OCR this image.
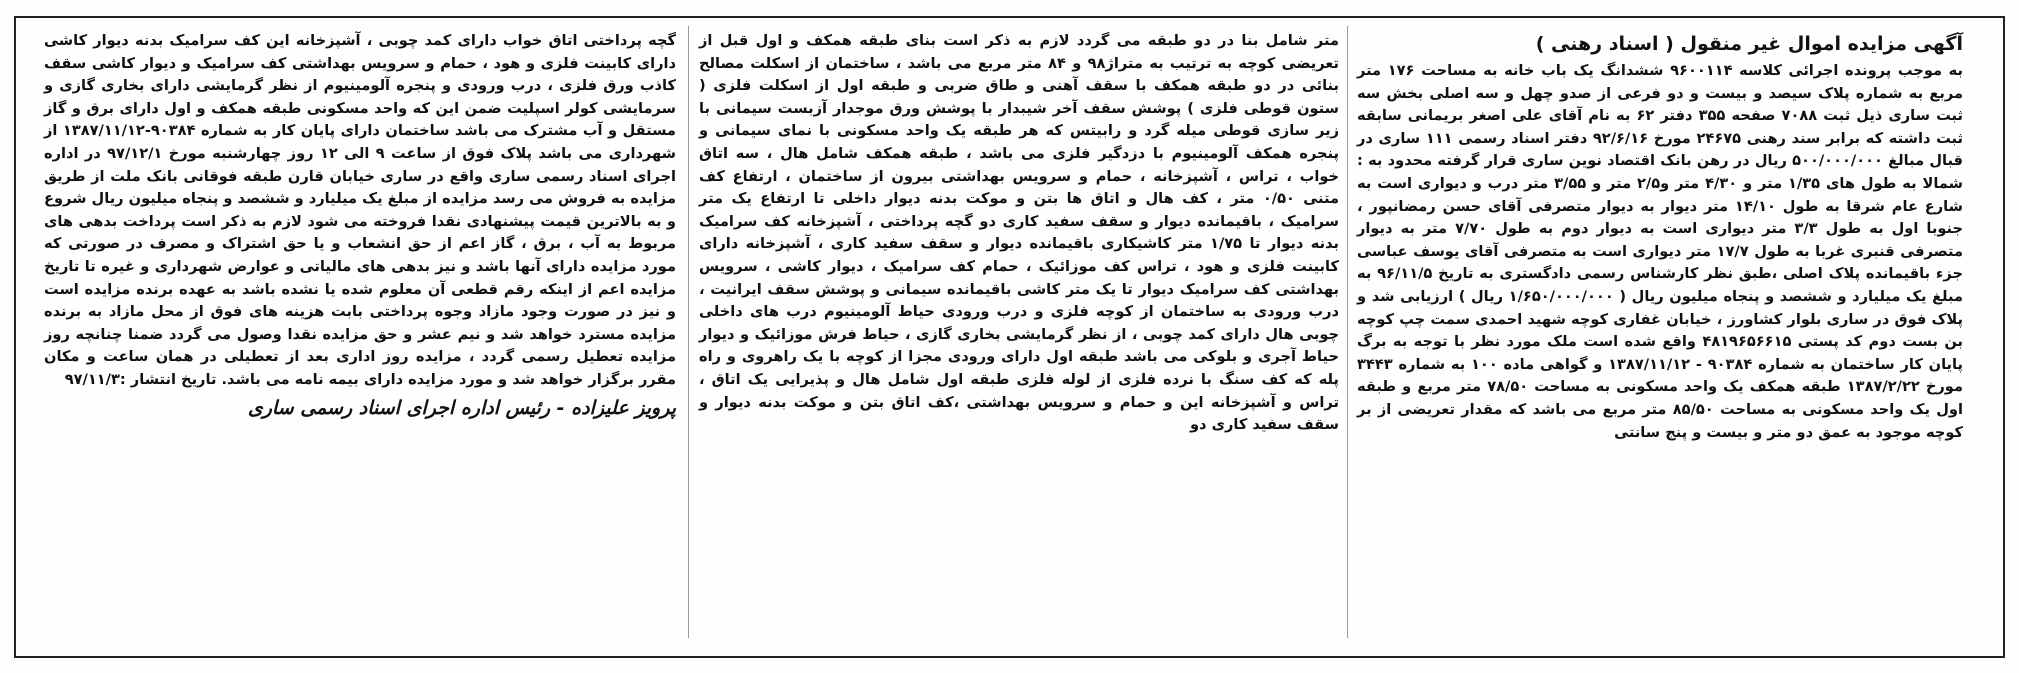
آگهی مزایده اموال غیر منقول ( اسناد رهنی )

به موجب پرونده اجرائی کلاسه ۹۶۰۰۱۱۴ ششدانگ یک باب خانه به مساحت ۱۷۶ متر مربع به شماره پلاک سیصد و بیست و دو فرعی از صدو چهل و سه اصلی بخش سه ثبت ساری ذیل ثبت ۷۰۸۸ صفحه ۳۵۵ دفتر ۶۲ به نام آقای علی اصغر بریمانی سابقه ثبت داشته که برابر سند رهنی ۲۴۶۷۵ مورخ ۹۲/۶/۱۶ دفتر اسناد رسمی ۱۱۱ ساری در قبال مبالغ ۵۰۰/۰۰۰/۰۰۰ ریال در رهن بانک اقتصاد نوین ساری قرار گرفته محدود به : شمالا به طول های ۱/۳۵ متر و ۴/۳۰ متر و۲/۵ متر و ۳/۵۵ متر درب و دیواری است به شارع عام شرقا به طول ۱۴/۱۰ متر دیوار به دیوار متصرفی آقای حسن رمضانپور ، جنوبا اول به طول ۳/۳ متر دیواری است به دیوار دوم به طول ۷/۷۰ متر به دیوار متصرفی قنبری غربا به طول ۱۷/۷ متر دیواری است به متصرفی آقای یوسف عباسی جزء باقیمانده پلاک اصلی ،طبق نظر کارشناس رسمی دادگستری به تاریخ ۹۶/۱۱/۵ به مبلغ یک میلیارد و ششصد و پنجاه میلیون ریال ( ۱/۶۵۰/۰۰۰/۰۰۰ ریال ) ارزیابی شد و پلاک فوق در ساری بلوار کشاورز ، خیابان غفاری کوچه شهید احمدی سمت چپ کوچه بن بست دوم کد پستی ۴۸۱۹۶۵۶۶۱۵ واقع شده است ملک مورد نظر با توجه به برگ پایان کار ساختمان به شماره ۹۰۳۸۴ - ۱۳۸۷/۱۱/۱۲ و گواهی ماده ۱۰۰ به شماره ۳۴۴۳ مورخ ۱۳۸۷/۲/۲۲ طبقه همکف یک واحد مسکونی به مساحت ۷۸/۵۰ متر مربع و طبقه اول یک واحد مسکونی به مساحت ۸۵/۵۰ متر مربع می باشد که مقدار تعریضی از بر کوچه موجود به عمق دو متر و بیست و پنج سانتی

متر شامل بنا در دو طبقه می گردد لازم به ذکر است بنای طبقه همکف و اول قبل از تعریضی کوچه به ترتیب به متراژ۹۸ و ۸۴ متر مربع می باشد ، ساختمان از اسکلت مصالح بنائی در دو طبقه همکف با سقف آهنی و طاق ضربی و طبقه اول از اسکلت فلزی ( ستون قوطی فلزی ) پوشش سقف آخر شیبدار با پوشش ورق موجدار آزبست سیمانی با زیر سازی قوطی میله گرد و رابیتس که هر طبقه یک واحد مسکونی با نمای سیمانی و پنجره همکف آلومینیوم با دزدگیر فلزی می باشد ، طبقه همکف شامل هال ، سه اتاق خواب ، تراس ، آشپزخانه ، حمام و سرویس بهداشتی بیرون از ساختمان ، ارتفاع کف متنی ۰/۵۰ متر ، کف هال و اتاق ها بتن و موکت بدنه دیوار داخلی تا ارتفاع یک متر سرامیک ، باقیمانده دیوار و سقف سفید کاری دو گچه پرداختی ، آشپزخانه کف سرامیک بدنه دیوار تا ۱/۷۵ متر کاشیکاری باقیمانده دیوار و سقف سفید کاری ، آشپزخانه دارای کابینت فلزی و هود ، تراس کف موزائیک ، حمام کف سرامیک ، دیوار کاشی ، سرویس بهداشتی کف سرامیک دیوار تا یک متر کاشی باقیمانده سیمانی و پوشش سقف ایرانیت ، درب ورودی به ساختمان از کوچه فلزی و درب ورودی حیاط آلومینیوم درب های داخلی چوبی هال دارای کمد چوبی ، از نظر گرمایشی بخاری گازی ، حیاط فرش موزائیک و دیوار حیاط آجری و بلوکی می باشد طبقه اول دارای ورودی مجزا از کوچه با یک راهروی و راه پله که کف سنگ با نرده فلزی از لوله فلزی طبقه اول شامل هال و پذیرایی یک اتاق ، تراس و آشپزخانه این و حمام و سرویس بهداشتی ،کف اتاق بتن و موکت بدنه دیوار و سقف سفید کاری دو

گچه پرداختی اتاق خواب دارای کمد چوبی ، آشپزخانه این کف سرامیک بدنه دیوار کاشی دارای کابینت فلزی و هود ، حمام و سرویس بهداشتی کف سرامیک و دیوار کاشی سقف کاذب ورق فلزی ، درب ورودی و پنجره آلومینیوم از نظر گرمایشی دارای بخاری گازی و سرمایشی کولر اسپلیت ضمن این که واحد مسکونی طبقه همکف و اول دارای برق و گاز مستقل و آب مشترک می باشد ساختمان دارای پایان کار به شماره ۹۰۳۸۴-۱۳۸۷/۱۱/۱۲ از شهرداری می باشد پلاک فوق از ساعت ۹ الی ۱۲ روز چهارشنبه مورخ ۹۷/۱۲/۱ در اداره اجرای اسناد رسمی ساری واقع در ساری خیابان قارن طبقه فوقانی بانک ملت از طریق مزایده به فروش می رسد مزایده از مبلغ یک میلیارد و ششصد و پنجاه میلیون ریال شروع و به بالاترین قیمت پیشنهادی نقدا فروخته می شود لازم به ذکر است پرداخت بدهی های مربوط به آب ، برق ، گاز اعم از حق انشعاب و یا حق اشتراک و مصرف در صورتی که مورد مزایده دارای آنها باشد و نیز بدهی های مالیاتی و عوارض شهرداری و غیره تا تاریخ مزایده اعم از اینکه رقم قطعی آن معلوم شده یا نشده باشد به عهده برنده مزایده است و نیز در صورت وجود مازاد وجوه پرداختی بابت هزینه های فوق از محل مازاد به برنده مزایده مسترد خواهد شد و نیم عشر و حق مزایده نقدا وصول می گردد ضمنا چنانچه روز مزایده تعطیل رسمی گردد ، مزایده روز اداری بعد از تعطیلی در همان ساعت و مکان مقرر برگزار خواهد شد و مورد مزایده دارای بیمه نامه می باشد. تاریخ انتشار :۹۷/۱۱/۳

پرویز علیزاده - رئیس اداره اجرای اسناد رسمی ساری
